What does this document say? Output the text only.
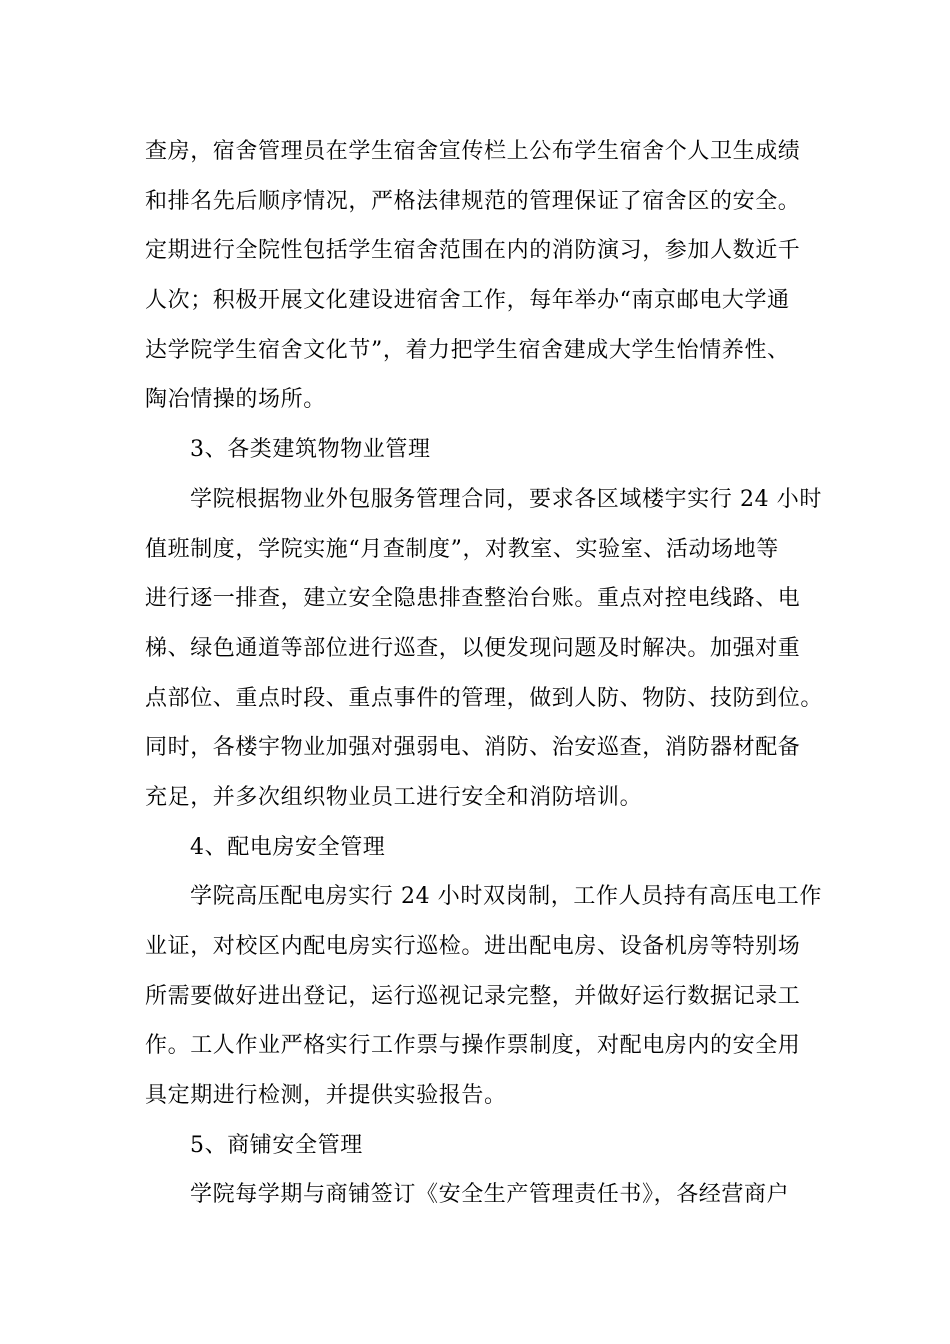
查房，宿舍管理员在学生宿舍宣传栏上公布学生宿舍个人卫生成绩
和排名先后顺序情况，严格法律规范的管理保证了宿舍区的安全。
定期进行全院性包括学生宿舍范围在内的消防演习，参加人数近千
人次；积极开展文化建设进宿舍工作，每年举办“南京邮电大学通
达学院学生宿舍文化节”，着力把学生宿舍建成大学生怡情养性、
陶冶情操的场所。
3、各类建筑物物业管理
学院根据物业外包服务管理合同，要求各区域楼宇实行 24 小时
值班制度，学院实施“月查制度”，对教室、实验室、活动场地等
进行逐一排查，建立安全隐患排查整治台账。重点对控电线路、电
梯、绿色通道等部位进行巡查，以便发现问题及时解决。加强对重
点部位、重点时段、重点事件的管理，做到人防、物防、技防到位。
同时，各楼宇物业加强对强弱电、消防、治安巡查，消防器材配备
充足，并多次组织物业员工进行安全和消防培训。
4、配电房安全管理
学院高压配电房实行 24 小时双岗制，工作人员持有高压电工作
业证，对校区内配电房实行巡检。进出配电房、设备机房等特别场
所需要做好进出登记，运行巡视记录完整，并做好运行数据记录工
作。工人作业严格实行工作票与操作票制度，对配电房内的安全用
具定期进行检测，并提供实验报告。
5、商铺安全管理
学院每学期与商铺签订《安全生产管理责任书》，各经营商户
